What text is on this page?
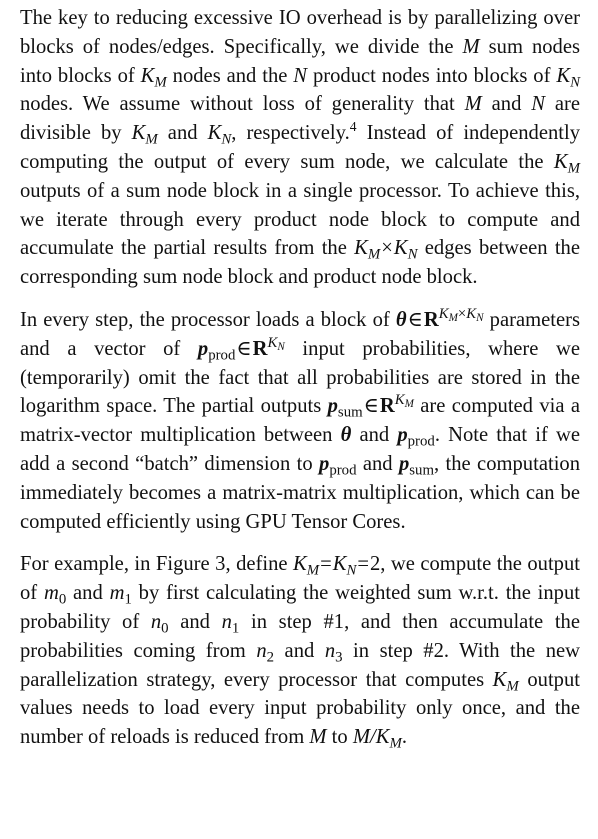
The key to reducing excessive IO overhead is by parallelizing over blocks of nodes/edges. Specifically, we divide the M sum nodes into blocks of $K_M$ nodes and the N product nodes into blocks of $K_N$ nodes. We assume without loss of generality that M and N are divisible by $K_M$ and $K_N$, respectively.$^4$ Instead of independently computing the output of every sum node, we calculate the $K_M$ outputs of a sum node block in a single processor. To achieve this, we iterate through every product node block to compute and accumulate the partial results from the $K_M\times K_N$ edges between the corresponding sum node block and product node block.

In every step, the processor loads a block of $\theta\in R^{KM\times KN}$ parameters and a vector of $p_{prod}\in R^{KN}$ input probabilities, where we (temporarily) omit the fact that all probabilities are stored in the logarithm space. The partial outputs $p_{sum}\in R^{KM}$ are computed via a matrix-vector multiplication between θ and $p_{prod}$. Note that if we add a second “batch” dimension to $p_{prod}$ and $p_{sum}$, the computation immediately becomes a matrix-matrix multiplication, which can be computed efficiently using GPU Tensor Cores.

For example, in Figure 3, define $K_M=K_N=2$, we compute the output of $m_0$ and $m_1$ by first calculating the weighted sum w.r.t. the input probability of $n_0$ and $n_1$ in step #1, and then accumulate the probabilities coming from $n_2$ and $n_3$ in step #2. With the new parallelization strategy, every processor that computes $K_M$ output values needs to load every input probability only once, and the number of reloads is reduced from M to $M/K_M$.
